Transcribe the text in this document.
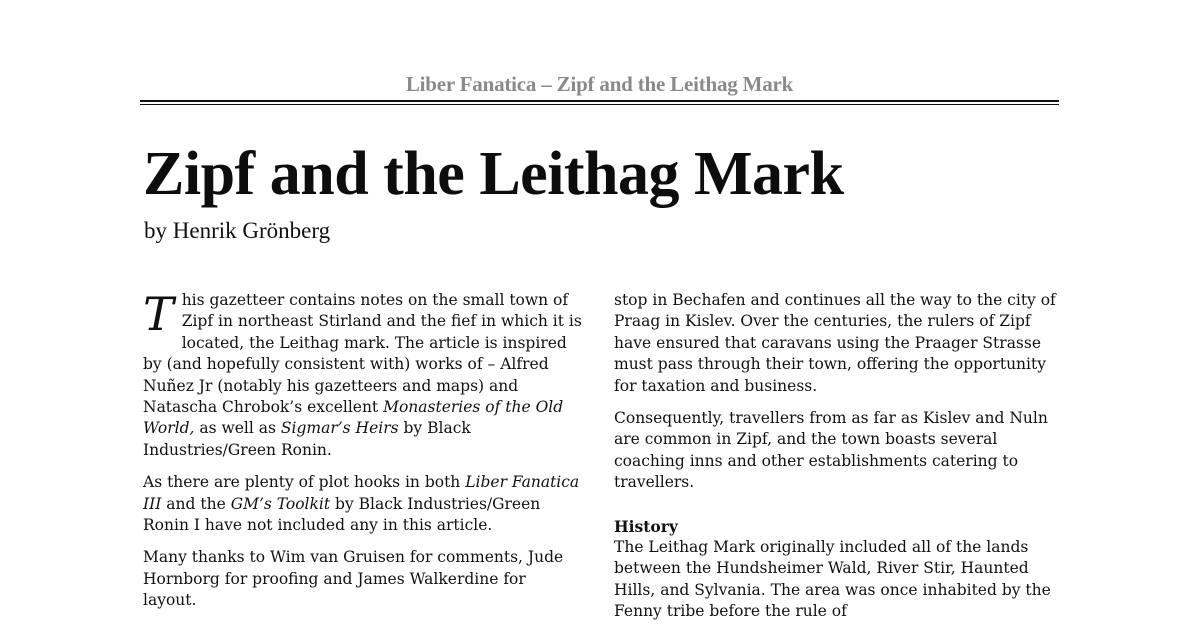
Liber Fanatica – Zipf and the Leithag Mark
Zipf and the Leithag Mark
by Henrik Grönberg

This gazetteer contains notes on the small town of Zipf in northeast Stirland and the fief in which it is located, the Leithag mark. The article is inspired by (and hopefully consistent with) works of – Alfred Nuñez Jr (notably his gazetteers and maps) and Natascha Chrobok’s excellent Monasteries of the Old World, as well as Sigmar’s Heirs by Black Industries/Green Ronin.

As there are plenty of plot hooks in both Liber Fanatica III and the GM’s Toolkit by Black Industries/Green Ronin I have not included any in this article.

Many thanks to Wim van Gruisen for comments, Jude Hornborg for proofing and James Walkerdine for layout.

stop in Bechafen and continues all the way to the city of Praag in Kislev. Over the centuries, the rulers of Zipf have ensured that caravans using the Praager Strasse must pass through their town, offering the opportunity for taxation and business.

Consequently, travellers from as far as Kislev and Nuln are common in Zipf, and the town boasts several coaching inns and other establishments catering to travellers.

History

The Leithag Mark originally included all of the lands between the Hundsheimer Wald, River Stir, Haunted Hills, and Sylvania. The area was once inhabited by the Fenny tribe before the rule of
